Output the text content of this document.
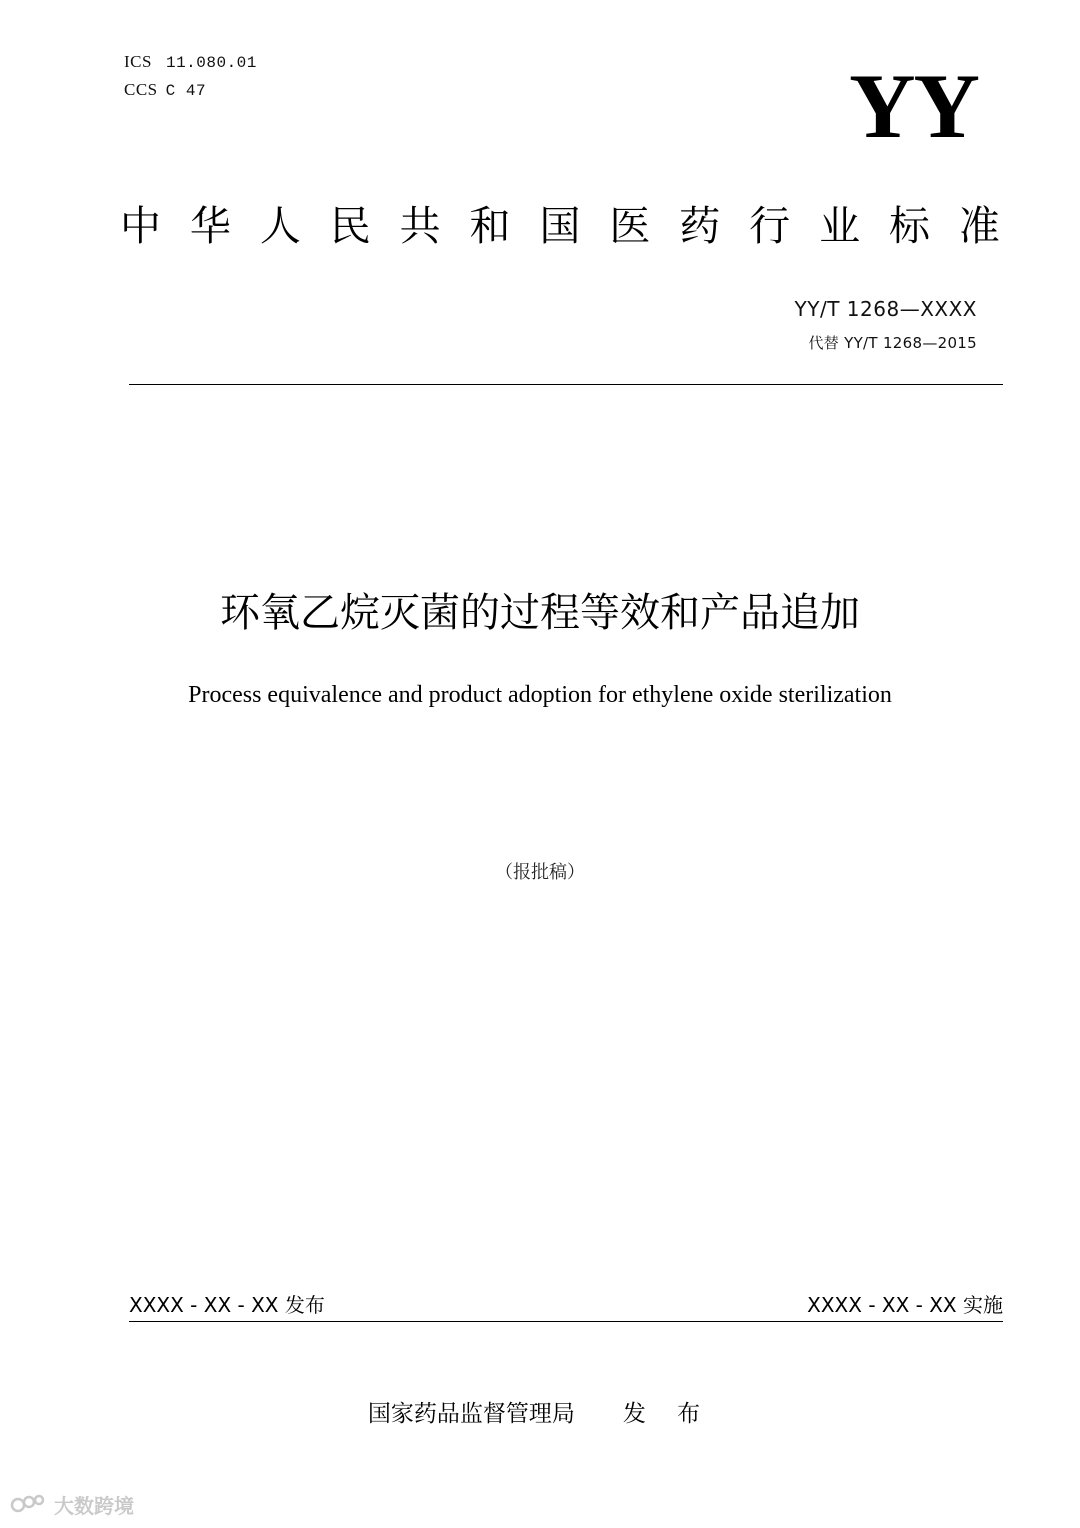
ICS 11.080.01
CCS C 47	YY
中 华 人 民 共 和 国 医 药 行 业 标 准
YY/T 1268—XXXX
代替 YY/T 1268—2015
环氧乙烷灭菌的过程等效和产品追加
Process equivalence and product adoption for ethylene oxide sterilization
（报批稿）
XXXX - XX - XX 发布	XXXX - XX - XX 实施
国家药品监督管理局 发 布
大数跨境
